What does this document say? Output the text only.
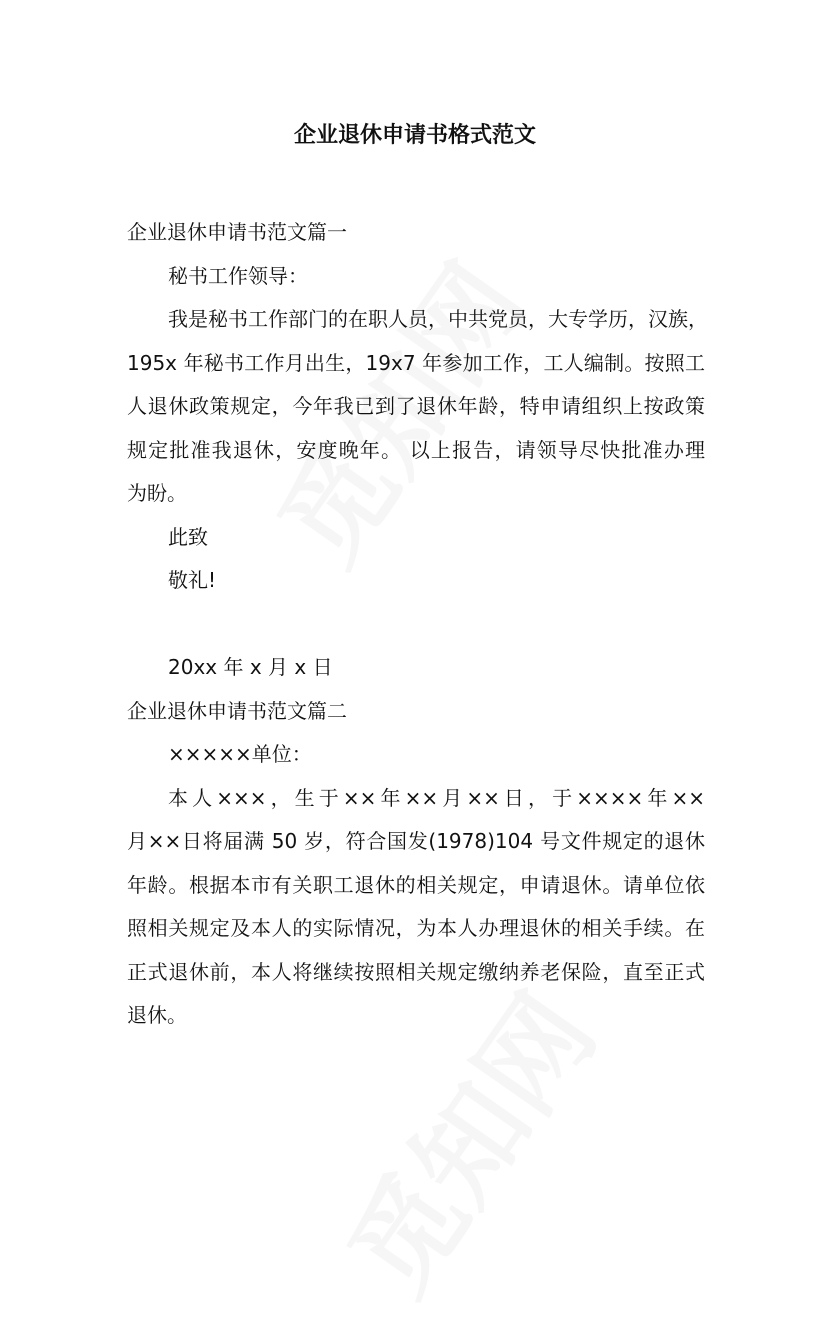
企业退休申请书格式范文
企业退休申请书范文篇一
秘书工作领导：
我是秘书工作部门的在职人员，中共党员，大专学历，汉族，
195x 年秘书工作月出生，19x7 年参加工作，工人编制。按照工
人退休政策规定，今年我已到了退休年龄，特申请组织上按政策
规定批准我退休，安度晚年。 以上报告，请领导尽快批准办理
为盼。
此致
敬礼!
20xx 年 x 月 x 日
企业退休申请书范文篇二
×××××单位：
本人×××，生于××年××月××日，于××××年××
月××日将届满 50 岁，符合国发(1978)104 号文件规定的退休
年龄。根据本市有关职工退休的相关规定，申请退休。请单位依
照相关规定及本人的实际情况，为本人办理退休的相关手续。在
正式退休前，本人将继续按照相关规定缴纳养老保险，直至正式
退休。
